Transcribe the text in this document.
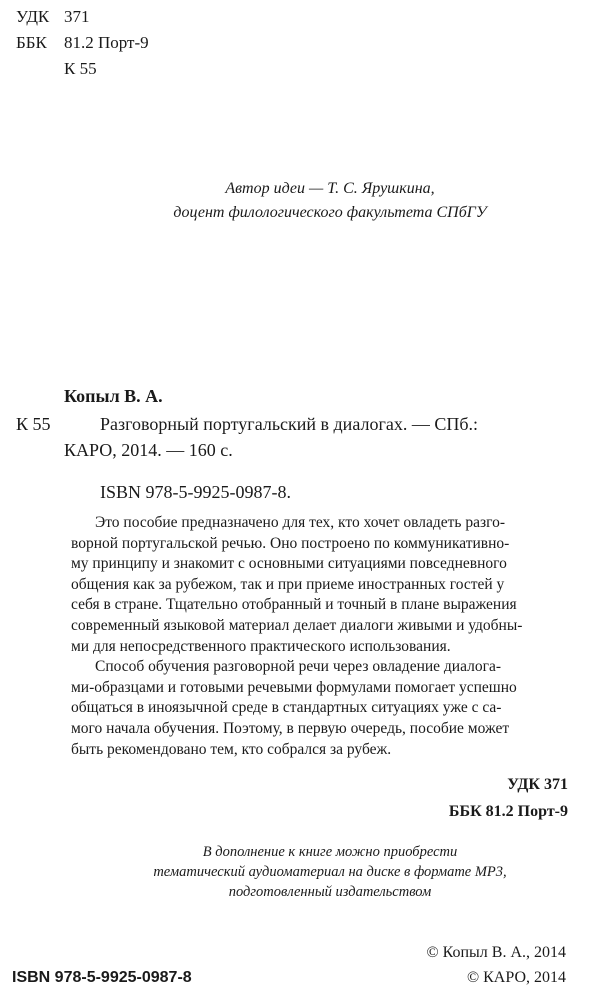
УДК 371
ББК 81.2 Порт-9
К 55
Автор идеи — Т. С. Ярушкина,
доцент филологического факультета СПбГУ
Копыл В. А.
К 55	Разговорный португальский в диалогах. — СПб.:
КАРО, 2014. — 160 с.
ISBN 978-5-9925-0987-8.
Это пособие предназначено для тех, кто хочет овладеть разго-
ворной португальской речью. Оно построено по коммуникативно-
му принципу и знакомит с основными ситуациями повседневного
общения как за рубежом, так и при приеме иностранных гостей у
себя в стране. Тщательно отобранный и точный в плане выражения
современный языковой материал делает диалоги живыми и удобны-
ми для непосредственного практического использования.
Способ обучения разговорной речи через овладение диалога-
ми-образцами и готовыми речевыми формулами помогает успешно
общаться в иноязычной среде в стандартных ситуациях уже с са-
мого начала обучения. Поэтому, в первую очередь, пособие может
быть рекомендовано тем, кто собрался за рубеж.
УДК 371
ББК 81.2 Порт-9
В дополнение к книге можно приобрести
тематический аудиоматериал на диске в формате MP3,
подготовленный издательством
ISBN 978-5-9925-0987-8
© Копыл В. А., 2014
© КАРО, 2014
